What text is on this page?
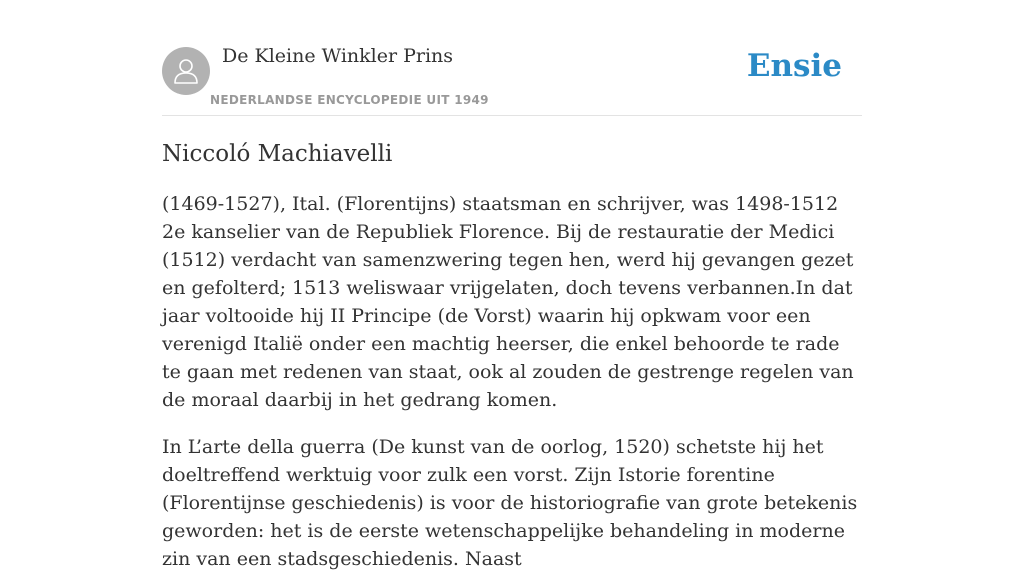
De Kleine Winkler Prins
NEDERLANDSE ENCYCLOPEDIE UIT 1949
Ensie
Niccoló Machiavelli

(1469-1527), Ital. (Florentijns) staatsman en schrijver, was 1498-1512 2e kanselier van de Republiek Florence. Bij de restauratie der Medici (1512) verdacht van samenzwering tegen hen, werd hij gevangen gezet en gefolterd; 1513 weliswaar vrijgelaten, doch tevens verbannen.In dat jaar voltooide hij II Principe (de Vorst) waarin hij opkwam voor een verenigd Italië onder een machtig heerser, die enkel behoorde te rade te gaan met redenen van staat, ook al zouden de gestrenge regelen van de moraal daarbij in het gedrang komen.

In L’arte della guerra (De kunst van de oorlog, 1520) schetste hij het doeltreffend werktuig voor zulk een vorst. Zijn Istorie forentine (Florentijnse geschiedenis) is voor de historiografie van grote betekenis geworden: het is de eerste wetenschappelijke behandeling in moderne zin van een stadsgeschiedenis. Naast
